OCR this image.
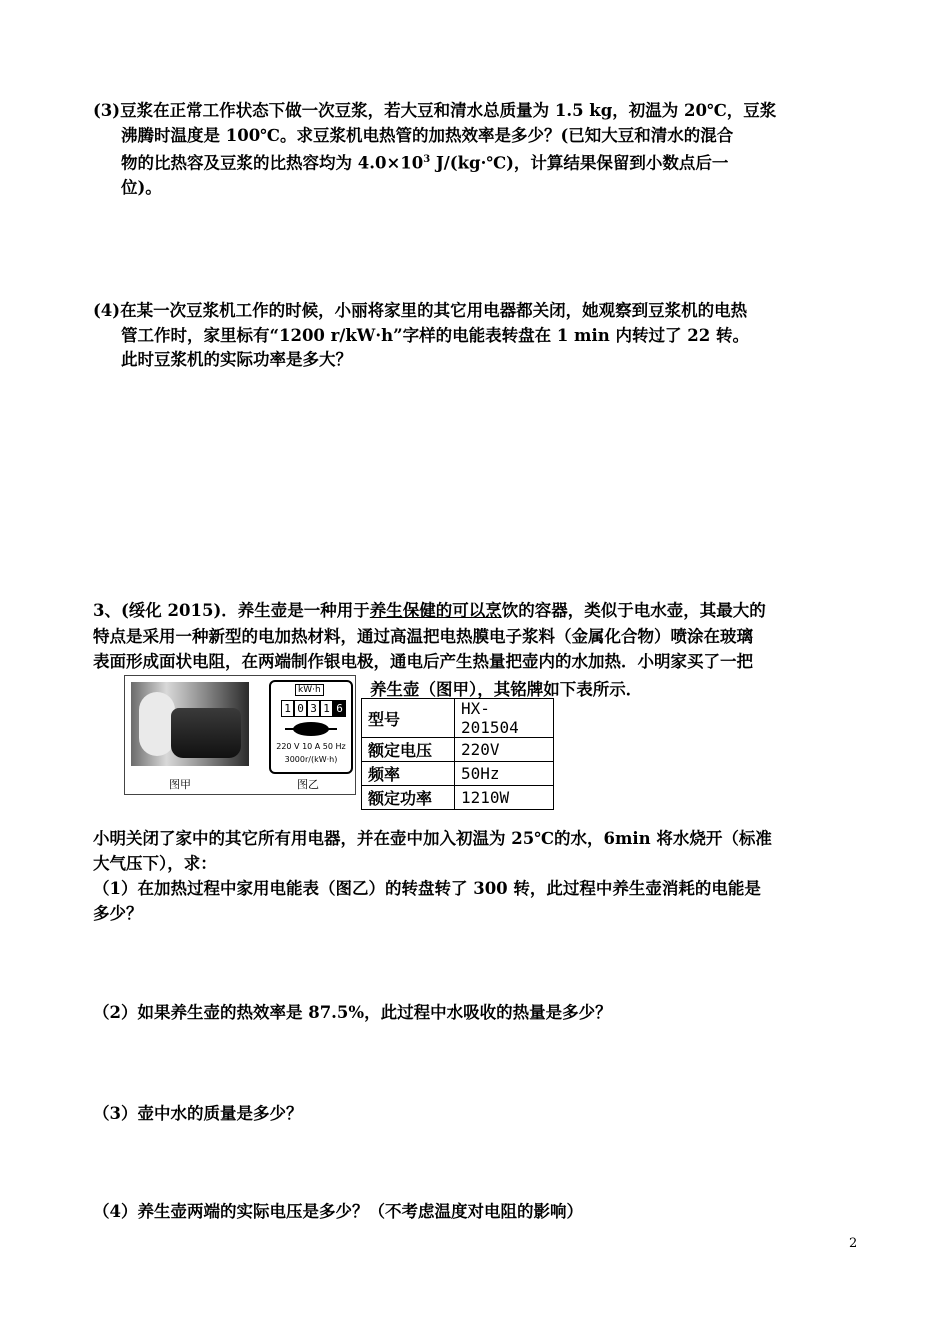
(3)豆浆在正常工作状态下做一次豆浆，若大豆和清水总质量为 1.5 kg，初温为 20℃，豆浆
沸腾时温度是 100℃。求豆浆机电热管的加热效率是多少？(已知大豆和清水的混合
物的比热容及豆浆的比热容均为 $4.0\times 10^3$ J/(kg·℃)，计算结果保留到小数点后一
位)。
(4)在某一次豆浆机工作的时候，小丽将家里的其它用电器都关闭，她观察到豆浆机的电热
管工作时，家里标有“1200 r/kW·h”字样的电能表转盘在 1 min 内转过了 22 转。
此时豆浆机的实际功率是多大？
3、(绥化 2015)．养生壶是一种用于养生保健的可以烹饮的容器，类似于电水壶，其最大的
特点是采用一种新型的电加热材料，通过高温把电热膜电子浆料（金属化合物）喷涂在玻璃
表面形成面状电阻，在两端制作银电极，通电后产生热量把壶内的水加热．小明家买了一把
养生壶（图甲），其铭牌如下表所示．
图甲
kW·h
1 0 3 1 6
220 V 10 A 50 Hz
3000r/(kW·h)
图乙
型号	HX-201504
额定电压	220V
频率	50Hz
额定功率	1210W
小明关闭了家中的其它所有用电器，并在壶中加入初温为 25℃的水，6min 将水烧开（标准
大气压下），求：
（1）在加热过程中家用电能表（图乙）的转盘转了 300 转，此过程中养生壶消耗的电能是
多少？
（2）如果养生壶的热效率是 87.5%，此过程中水吸收的热量是多少？
（3）壶中水的质量是多少？
（4）养生壶两端的实际电压是多少？（不考虑温度对电阻的影响）
2
